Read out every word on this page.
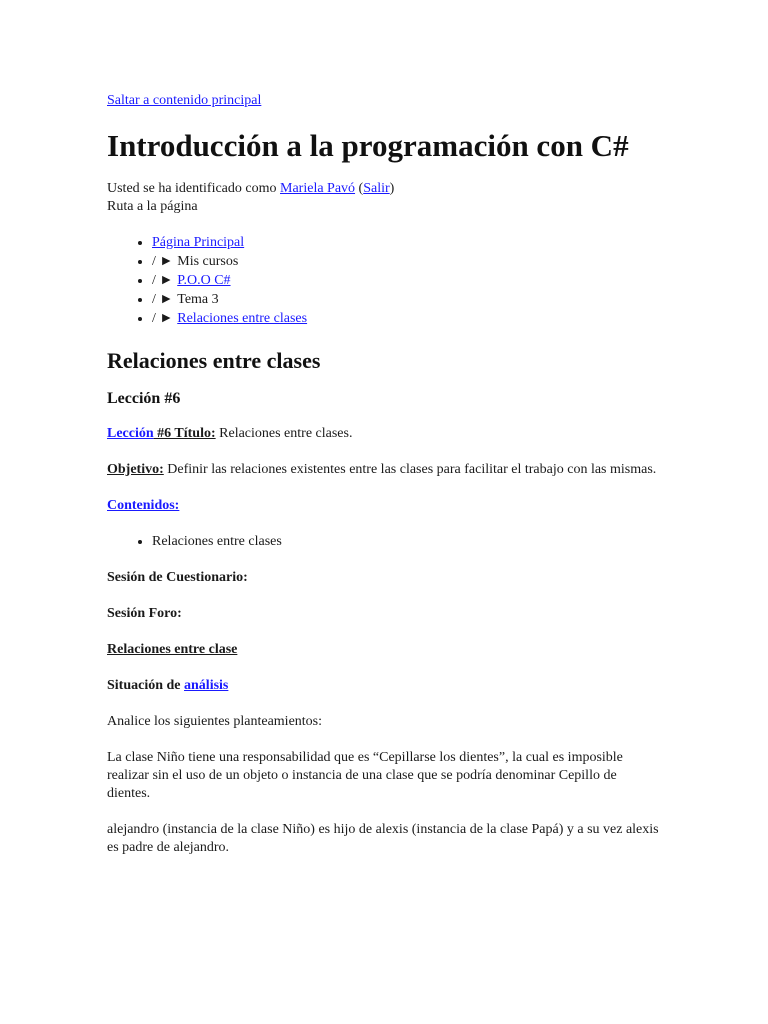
Saltar a contenido principal
Introducción a la programación con C#

Usted se ha identificado como Mariela Pavó (Salir)

Ruta a la página

• Página Principal
• / ► Mis cursos
• / ► P.O.O C#
• / ► Tema 3
• / ► Relaciones entre clases
Relaciones entre clases
Lección #6

Lección #6 Título: Relaciones entre clases.

Objetivo: Definir las relaciones existentes entre las clases para facilitar el trabajo con las mismas.

Contenidos:

• Relaciones entre clases

Sesión de Cuestionario:

Sesión Foro:

Relaciones entre clase

Situación de análisis

Analice los siguientes planteamientos:

La clase Niño tiene una responsabilidad que es “Cepillarse los dientes”, la cual es imposible realizar sin el uso de un objeto o instancia de una clase que se podría denominar Cepillo de dientes.

alejandro (instancia de la clase Niño) es hijo de alexis (instancia de la clase Papá) y a su vez alexis es padre de alejandro.
